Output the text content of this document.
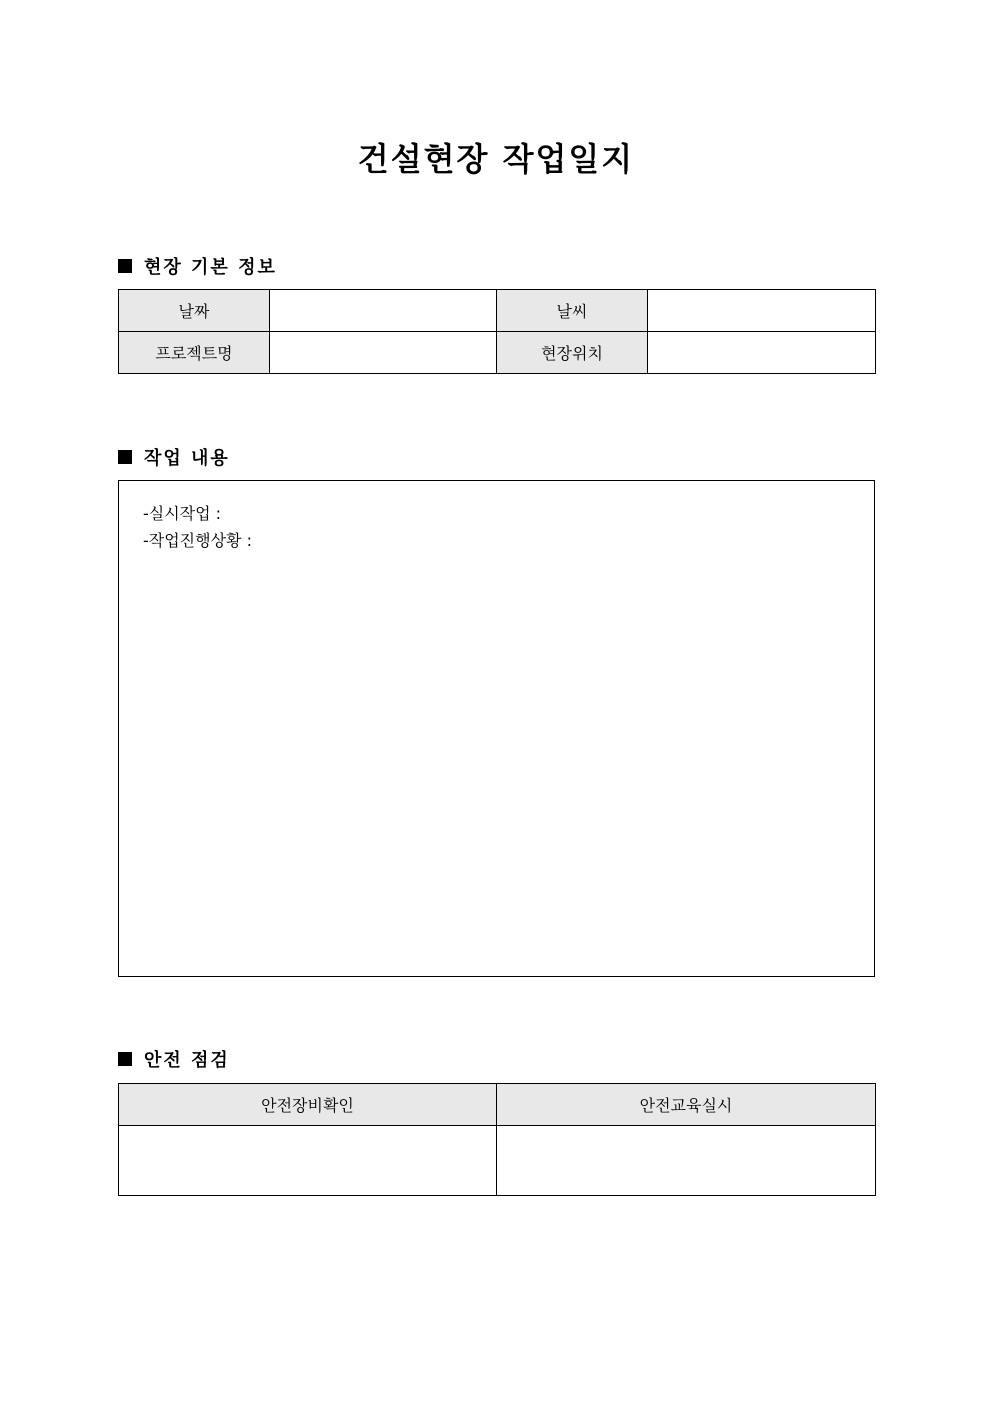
건설현장 작업일지
현장 기본 정보
날짜		날씨	
프로젝트명		현장위치	
작업 내용
-실시작업 :
-작업진행상황 :
안전 점검
안전장비확인	안전교육실시
